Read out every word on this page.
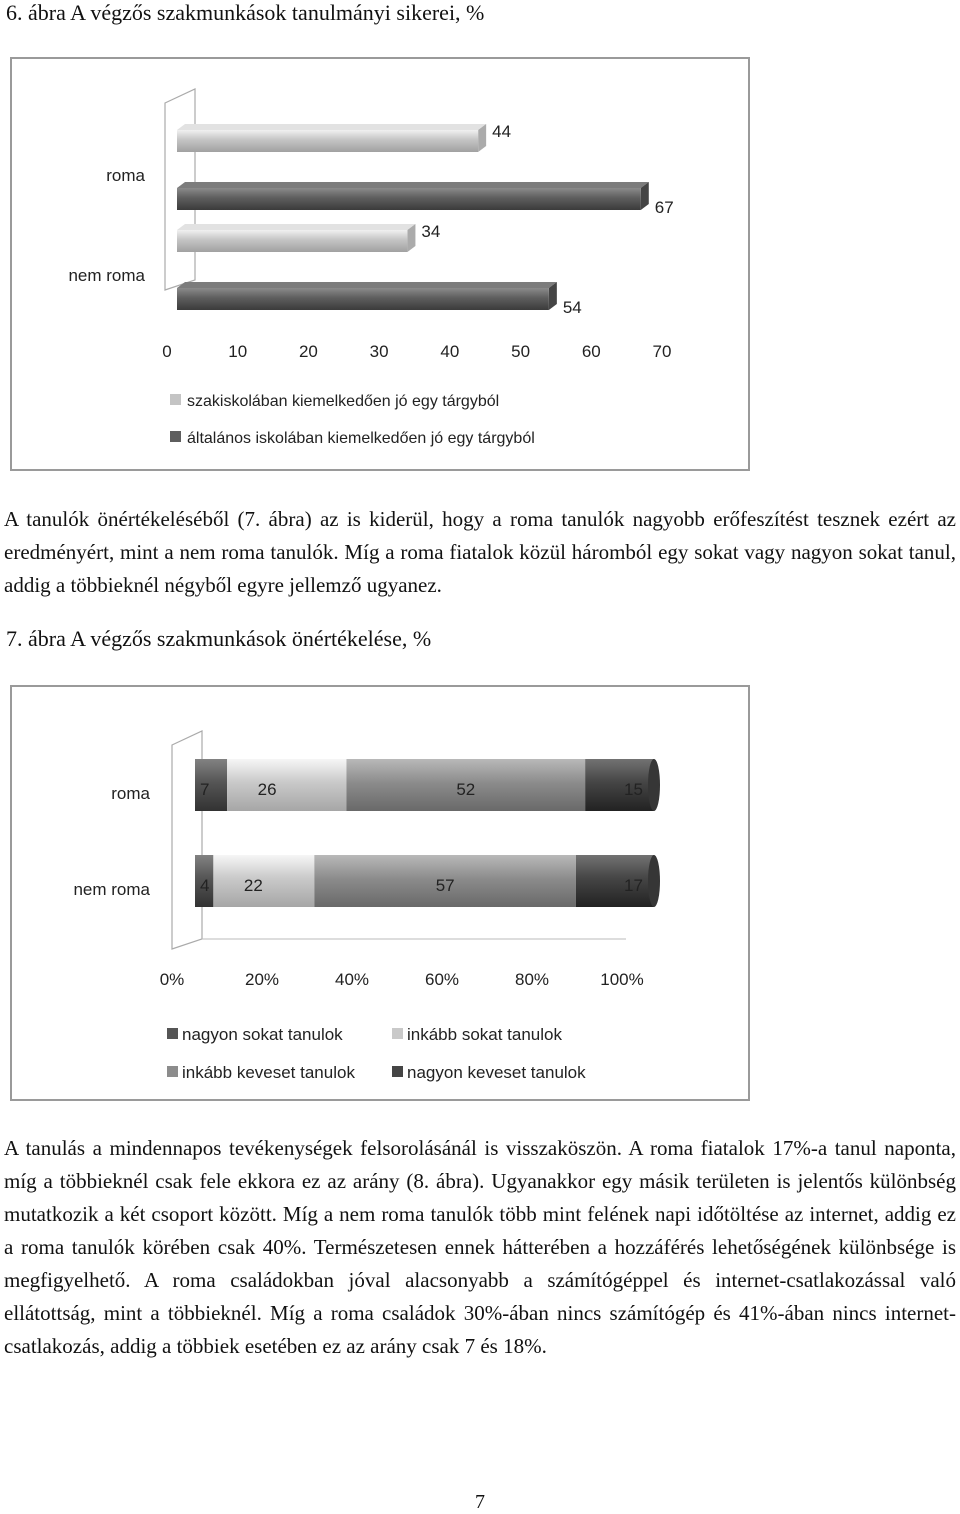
6. ábra A végzős szakmunkások tanulmányi sikerei, %
roma
44
67
nem roma
34
54
0	10	20	30	40	50	60	70
szakiskolában kiemelkedően jó egy tárgyból
általános iskolában kiemelkedően jó egy tárgyból
A tanulók önértékeléséből (7. ábra) az is kiderül, hogy a roma tanulók nagyobb erőfeszítést tesznek ezért az eredményért, mint a nem roma tanulók. Míg a roma fiatalok közül háromból egy sokat vagy nagyon sokat tanul, addig a többieknél négyből egyre jellemző ugyanez.
7. ábra A végzős szakmunkások önértékelése, %
roma	7	26	52	15
nem roma	4 22	57	17
0%	20%	40%	60%	80%	100%
nagyon sokat tanulok	inkább sokat tanulok
inkább keveset tanulok	nagyon keveset tanulok
A tanulás a mindennapos tevékenységek felsorolásánál is visszaköszön. A roma fiatalok 17%-a tanul naponta, míg a többieknél csak fele ekkora ez az arány (8. ábra). Ugyanakkor egy másik területen is jelentős különbség mutatkozik a két csoport között. Míg a nem roma tanulók több mint felének napi időtöltése az internet, addig ez a roma tanulók körében csak 40%. Természetesen ennek hátterében a hozzáférés lehetőségének különbsége is megfigyelhető. A roma családokban jóval alacsonyabb a számítógéppel és internet-csatlakozással való ellátottság, mint a többieknél. Míg a roma családok 30%-ában nincs számítógép és 41%-ában nincs internet-csatlakozás, addig a többiek esetében ez az arány csak 7 és 18%.
7
